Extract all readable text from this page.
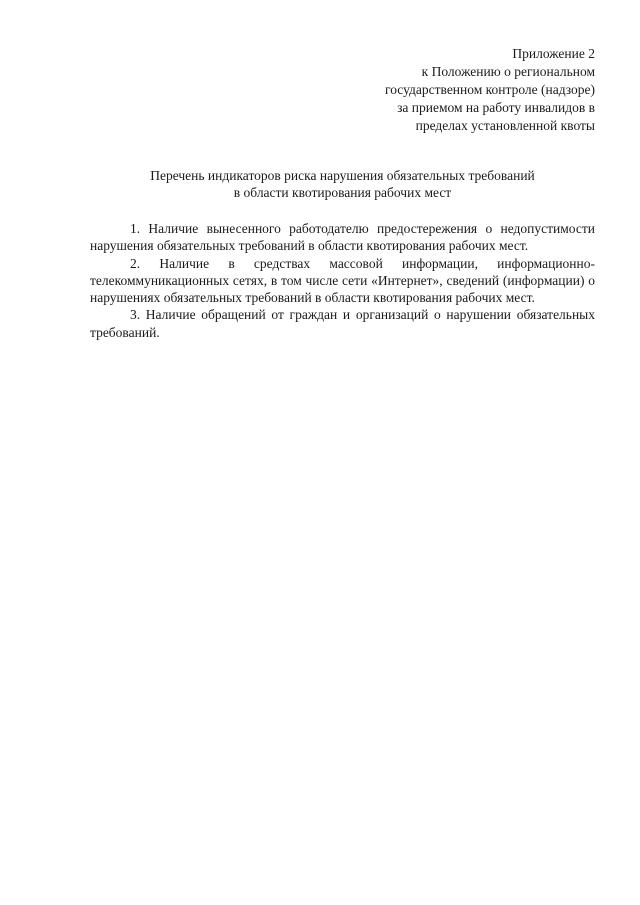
Приложение 2
к Положению о региональном
государственном контроле (надзоре)
за приемом на работу инвалидов в
пределах установленной квоты
Перечень индикаторов риска нарушения обязательных требований
в области квотирования рабочих мест

1. Наличие вынесенного работодателю предостережения о недопустимости нарушения обязательных требований в области квотирования рабочих мест.

2. Наличие в средствах массовой информации, информационно-телекоммуникационных сетях, в том числе сети «Интернет», сведений (информации) о нарушениях обязательных требований в области квотирования рабочих мест.

3. Наличие обращений от граждан и организаций о нарушении обязательных требований.
